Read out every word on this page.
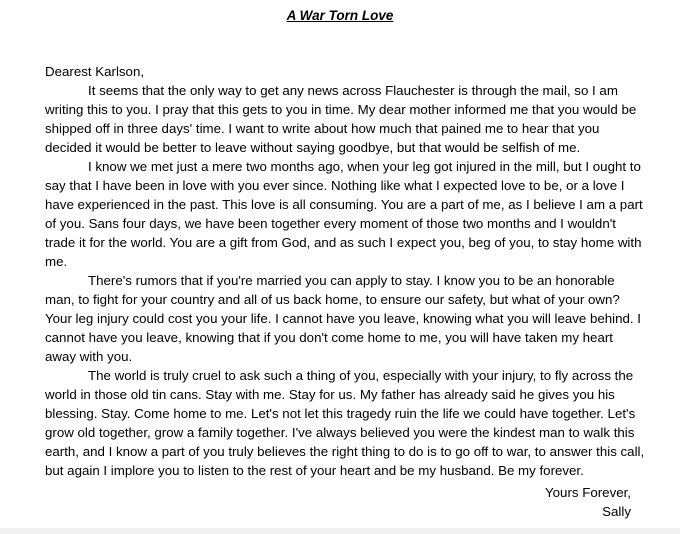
A War Torn Love

Dearest Karlson,

It seems that the only way to get any news across Flauchester is through the mail, so I am writing this to you. I pray that this gets to you in time. My dear mother informed me that you would be shipped off in three days' time. I want to write about how much that pained me to hear that you decided it would be better to leave without saying goodbye, but that would be selfish of me.

I know we met just a mere two months ago, when your leg got injured in the mill, but I ought to say that I have been in love with you ever since. Nothing like what I expected love to be, or a love I have experienced in the past. This love is all consuming. You are a part of me, as I believe I am a part of you. Sans four days, we have been together every moment of those two months and I wouldn't trade it for the world. You are a gift from God, and as such I expect you, beg of you, to stay home with me.

There's rumors that if you're married you can apply to stay. I know you to be an honorable man, to fight for your country and all of us back home, to ensure our safety, but what of your own? Your leg injury could cost you your life. I cannot have you leave, knowing what you will leave behind. I cannot have you leave, knowing that if you don't come home to me, you will have taken my heart away with you.

The world is truly cruel to ask such a thing of you, especially with your injury, to fly across the world in those old tin cans. Stay with me. Stay for us. My father has already said he gives you his blessing. Stay. Come home to me. Let's not let this tragedy ruin the life we could have together. Let's grow old together, grow a family together. I've always believed you were the kindest man to walk this earth, and I know a part of you truly believes the right thing to do is to go off to war, to answer this call, but again I implore you to listen to the rest of your heart and be my husband. Be my forever.

Yours Forever,

Sally
